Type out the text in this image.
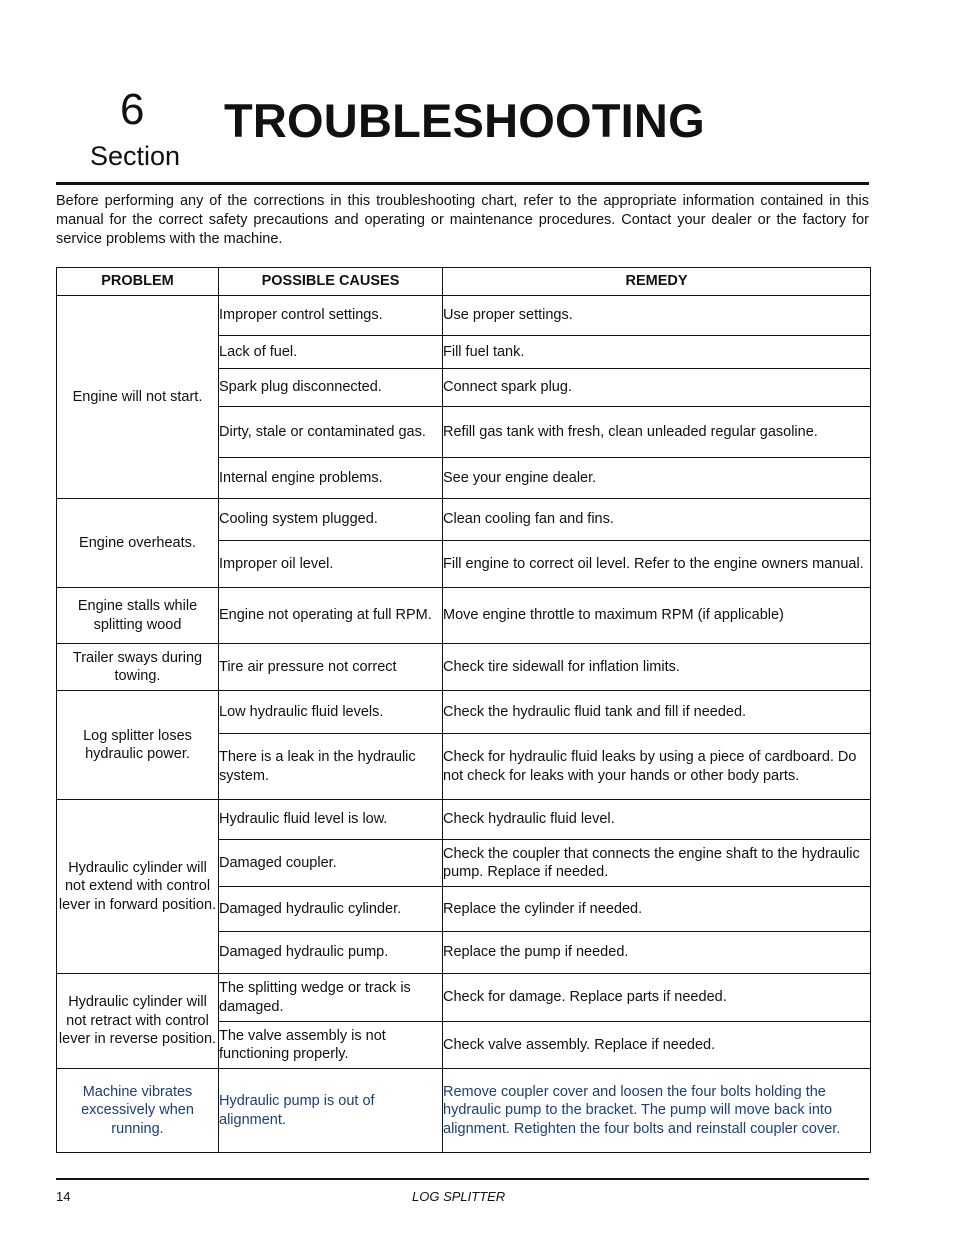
6
Section
TROUBLESHOOTING
Before performing any of the corrections in this troubleshooting chart, refer to the appropriate information contained in this manual for the correct safety precautions and operating or maintenance procedures. Contact your dealer or the factory for service problems with the machine.
PROBLEM	POSSIBLE CAUSES	REMEDY
Engine will not start.	Improper control settings.	Use proper settings.
	Lack of fuel.	Fill fuel tank.
	Spark plug disconnected.	Connect spark plug.
	Dirty, stale or contaminated gas.	Refill gas tank with fresh, clean unleaded regular gasoline.
	Internal engine problems.	See your engine dealer.
Engine overheats.	Cooling system plugged.	Clean cooling fan and fins.
	Improper oil level.	Fill engine to correct oil level. Refer to the engine owners manual.
Engine stalls while splitting wood	Engine not operating at full RPM.	Move engine throttle to maximum RPM (if applicable)
Trailer sways during towing.	Tire air pressure not correct	Check tire sidewall for inflation limits.
Log splitter loses hydraulic power.	Low hydraulic fluid levels.	Check the hydraulic fluid tank and fill if needed.
	There is a leak in the hydraulic system.	Check for hydraulic fluid leaks by using a piece of cardboard. Do not check for leaks with your hands or other body parts.
Hydraulic cylinder will not extend with control lever in forward position.	Hydraulic fluid level is low.	Check hydraulic fluid level.
	Damaged coupler.	Check the coupler that connects the engine shaft to the hydraulic pump. Replace if needed.
	Damaged hydraulic cylinder.	Replace the cylinder if needed.
	Damaged hydraulic pump.	Replace the pump if needed.
Hydraulic cylinder will not retract with control lever in reverse position.	The splitting wedge or track is damaged.	Check for damage. Replace parts if needed.
	The valve assembly is not functioning properly.	Check valve assembly. Replace if needed.
Machine vibrates excessively when running.	Hydraulic pump is out of alignment.	Remove coupler cover and loosen the four bolts holding the hydraulic pump to the bracket. The pump will move back into alignment. Retighten the four bolts and reinstall coupler cover.
14	LOG SPLITTER
